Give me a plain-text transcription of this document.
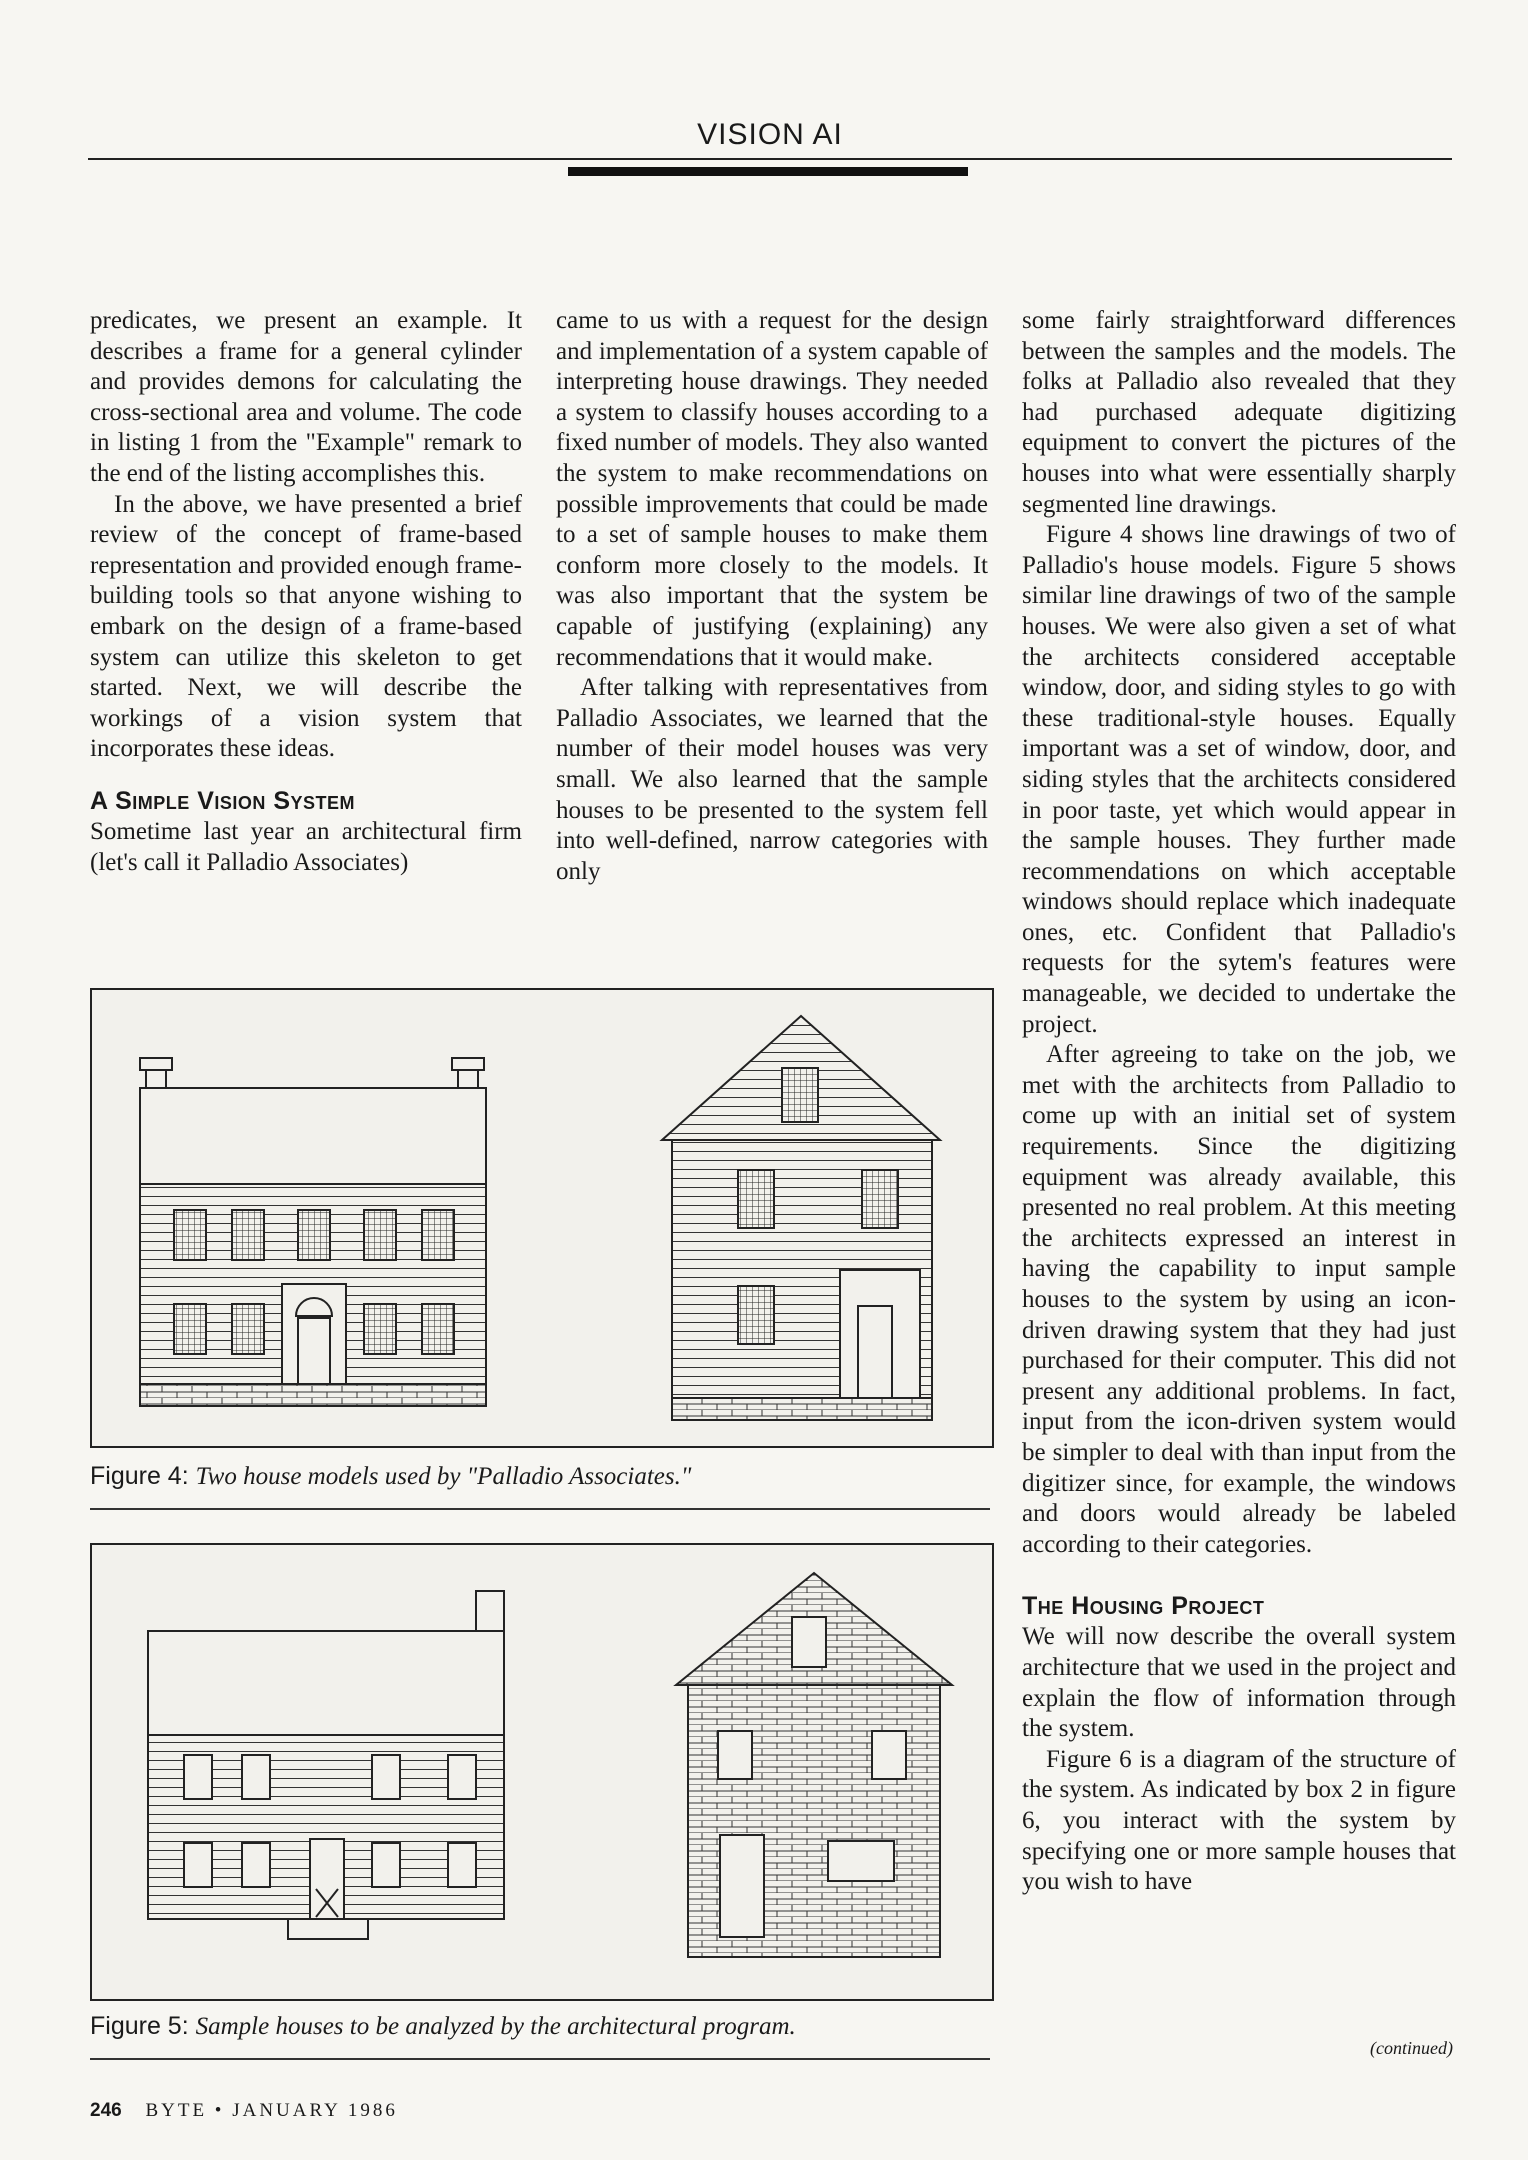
VISION AI

predicates, we present an example. It describes a frame for a general cylinder and provides demons for calculating the cross-sectional area and volume. The code in listing 1 from the "Example" remark to the end of the listing accomplishes this.

In the above, we have presented a brief review of the concept of frame-based representation and provided enough frame-building tools so that anyone wishing to embark on the design of a frame-based system can utilize this skeleton to get started. Next, we will describe the workings of a vision system that incorporates these ideas.

A Simple Vision System

Sometime last year an architectural firm (let's call it Palladio Associates)

came to us with a request for the design and implementation of a system capable of interpreting house drawings. They needed a system to classify houses according to a fixed number of models. They also wanted the system to make recommendations on possible improvements that could be made to a set of sample houses to make them conform more closely to the models. It was also important that the system be capable of justifying (explaining) any recommendations that it would make.

After talking with representatives from Palladio Associates, we learned that the number of their model houses was very small. We also learned that the sample houses to be presented to the system fell into well-defined, narrow categories with only

some fairly straightforward differences between the samples and the models. The folks at Palladio also revealed that they had purchased adequate digitizing equipment to convert the pictures of the houses into what were essentially sharply segmented line drawings.

Figure 4 shows line drawings of two of Palladio's house models. Figure 5 shows similar line drawings of two of the sample houses. We were also given a set of what the architects considered acceptable window, door, and siding styles to go with these traditional-style houses. Equally important was a set of window, door, and siding styles that the architects considered in poor taste, yet which would appear in the sample houses. They further made recommendations on which acceptable windows should replace which inadequate ones, etc. Confident that Palladio's requests for the sytem's features were manageable, we decided to undertake the project.

After agreeing to take on the job, we met with the architects from Palladio to come up with an initial set of system requirements. Since the digitizing equipment was already available, this presented no real problem. At this meeting the architects expressed an interest in having the capability to input sample houses to the system by using an icon-driven drawing system that they had just purchased for their computer. This did not present any additional problems. In fact, input from the icon-driven system would be simpler to deal with than input from the digitizer since, for example, the windows and doors would already be labeled according to their categories.

The Housing Project

We will now describe the overall system architecture that we used in the project and explain the flow of information through the system.

Figure 6 is a diagram of the structure of the system. As indicated by box 2 in figure 6, you interact with the system by specifying one or more sample houses that you wish to have

Figure 4: Two house models used by "Palladio Associates."
Figure 5: Sample houses to be analyzed by the architectural program.
(continued)
246 BYTE • JANUARY 1986
